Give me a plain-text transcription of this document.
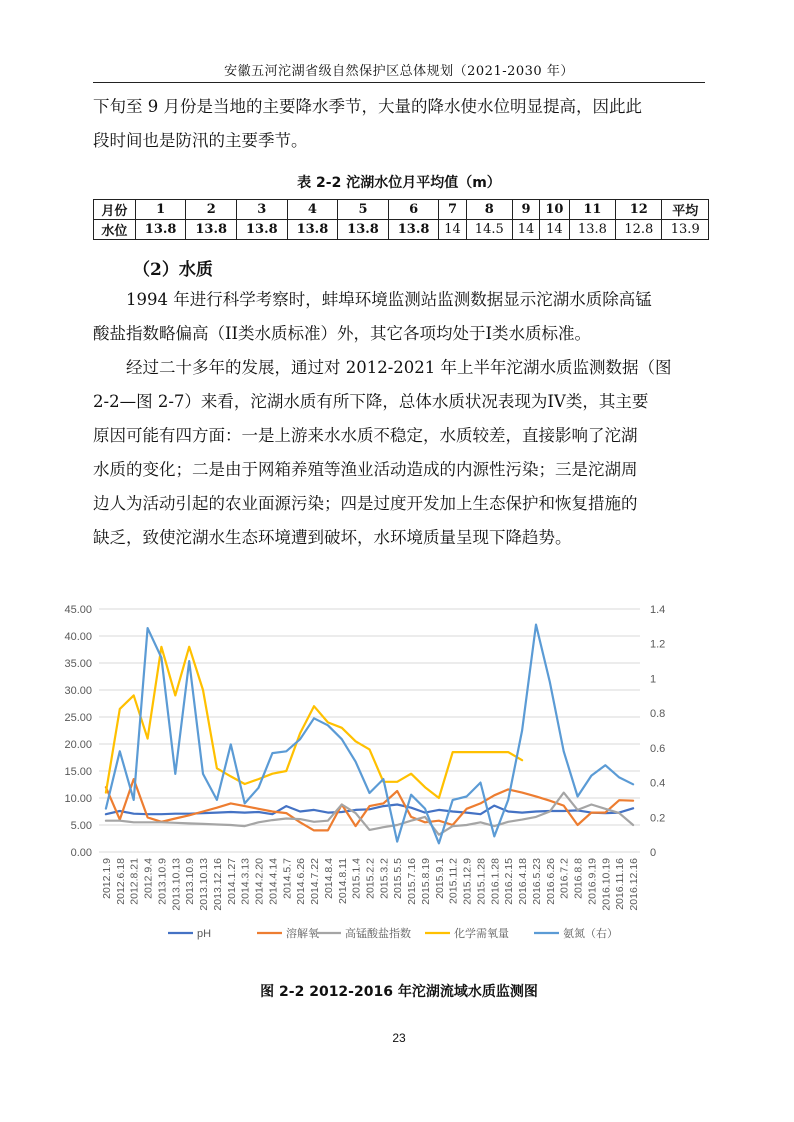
安徽五河沱湖省级自然保护区总体规划（2021-2030 年）

下旬至 9 月份是当地的主要降水季节，大量的降水使水位明显提高，因此此
段时间也是防汛的主要季节。

表 2-2 沱湖水位月平均值（m）
月份	1	2	3	4	5	6	7	8	9	10	11	12	平均
水位	13.8	13.8	13.8	13.8	13.8	13.8	14	14.5	14	14	13.8	12.8	13.9
（2）水质

1994 年进行科学考察时，蚌埠环境监测站监测数据显示沱湖水质除高锰
酸盐指数略偏高（II类水质标准）外，其它各项均处于I类水质标准。

经过二十多年的发展，通过对 2012-2021 年上半年沱湖水质监测数据（图
2-2—图 2-7）来看，沱湖水质有所下降，总体水质状况表现为IV类，其主要
原因可能有四方面：一是上游来水水质不稳定，水质较差，直接影响了沱湖
水质的变化；二是由于网箱养殖等渔业活动造成的内源性污染；三是沱湖周
边人为活动引起的农业面源污染；四是过度开发加上生态保护和恢复措施的
缺乏，致使沱湖水生态环境遭到破坏，水环境质量呈现下降趋势。

0.00
5.00
10.00
15.00
20.00
25.00
30.00
35.00
40.00
45.00
0
0.2
0.4
0.6
0.8
1
1.2
1.4
2012.1.9 2012.6.18 2012.8.21 2012.9.4 2013.10.9 2013.10.13 2013.10.9 2013.10.13 2013.12.16 2014.1.27 2014.3.13 2014.2.20 2014.4.14 2014.5.7 2014.6.26 2014.7.22 2014.8.4 2014.8.11 2015.1.4 2015.2.2 2015.3.2 2015.5.5 2015.7.16 2015.8.19 2015.9.1 2015.11.2 2015.12.9 2015.1.28 2016.1.28 2016.2.15 2016.4.18 2016.5.23 2016.6.26 2016.7.2 2016.8.8 2016.9.19 2016.10.19 2016.11.16 2016.12.16
pH	溶解氧 高锰酸盐指数	化学需氧量	氨氮（右）
图 2-2 2012-2016 年沱湖流域水质监测图
23
